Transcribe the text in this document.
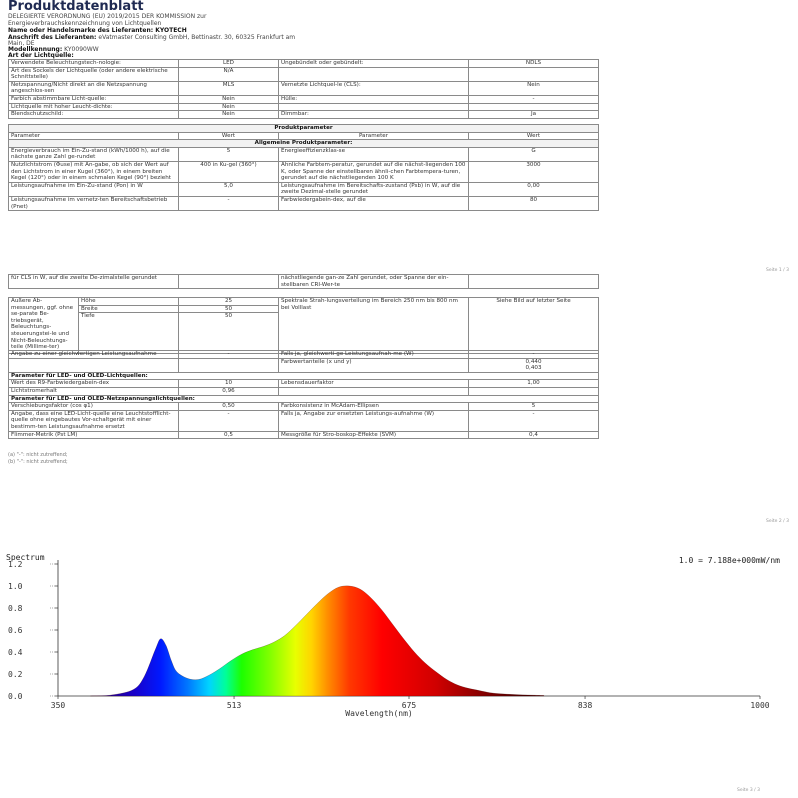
Produktdatenblatt
DELEGIERTE VERORDNUNG (EU) 2019/2015 DER KOMMISSION zur
Energieverbrauchskennzeichnung von Lichtquellen
Name oder Handelsmarke des Lieferanten: KYOTECH
Anschrift des Lieferanten: eVatmaster Consulting GmbH, Bettinastr. 30, 60325 Frankfurt am
Main, DE
Modellkennung: KY0090WW
Art der Lichtquelle:
Verwendete Beleuchtungstech-nologie:	LED	Ungebündelt oder gebündelt:	NDLS
Art des Sockels der Lichtquelle (oder andere elektrische Schnittstelle)	N/A		
Netzspannung/Nicht direkt an die Netzspannung angeschlos-sen	MLS	Vernetzte Lichtquel-le (CLS):	Nein
Farbich abstimmbare Licht-quelle:	Nein	Hülle:	-
Lichtquelle mit hoher Leucht-dichte:	Nein		
Blendschutzschild:	Nein	Dimmbar:	Ja
Produktparameter			
Parameter	Wert	Parameter	Wert
Allgemeine Produktparameter:			
Energieverbrauch im Ein-Zu-stand (kWh/1000 h), auf die nächste ganze Zahl ge-rundet	5	Energieeffizienzklas-se	G
Nutzlichtstrom (Φuse) mit An-gabe, ob sich der Wert auf den Lichtstrom in einer Kugel (360°), in einem breiten Kegel (120°) oder in einem schmalen Kegel (90°) bezieht	400 in Ku-gel (360°)	Ähnliche Farbtem-peratur, gerundet auf die nächst-liegenden 100 K, oder Spanne der einstellbaren ähnli-chen Farbtempera-turen, gerundet auf die nächstliegenden 100 K	3000
Leistungsaufnahme im Ein-Zu-stand (Pon) in W	5,0	Leistungsaufnahme im Bereitschafts-zustand (Psb) in W, auf die zweite Dezimal-stelle gerundet	0,00
Leistungsaufnahme im vernetz-ten Bereitschaftsbetrieb (Pnet)	-	Farbwiedergabein-dex, auf die	80
Seite 1 / 3
für CLS in W, auf die zweite De-zimalstelle gerundet		nächstliegende gan-ze Zahl gerundet, oder Spanne der ein-stellbaren CRI-Wer-te	
Äußere Ab-messungen, ggf. ohne se-parate Be-triebsgerät, Beleuchtungs-steuerungstei-le und Nicht-Beleuchtungs-teile (Millime-ter)	Höhe	25	Spektrale Strah-lungsverteilung im Bereich 250 nm bis 800 nm bei Volllast	Siehe Bild auf letzter Seite
	Breite	50		
	Tiefe	50		
Angabe zu einer gleichwertigen Leistungsaufnahme	-	Falls ja, gleichwerti-ge Leistungsaufnah-me (W)	-
		Farbwertanteile (x und y)	0,440
0,403
Parameter für LED- und OLED-Lichtquellen:			
Wert des R9-Farbwiedergabein-dex	10	Lebensdauerfaktor	1,00
Lichtstromerhalt	0,96		
Parameter für LED- und OLED-Netzspannungslichtquellen:			
Verschiebungsfaktor (cos φ1)	0,50	Farbkonsistenz in McAdam-Ellipsen	5
Angabe, dass eine LED-Licht-quelle eine Leuchtstofflicht-quelle ohne eingebautes Vor-schaltgerät mit einer bestimm-ten Leistungsaufnahme ersetzt	-	Falls ja, Angabe zur ersetzten Leistungs-aufnahme (W)	-
Flimmer-Metrik (Pst LM)	0,5	Messgröße für Stro-boskop-Effekte (SVM)	0,4
(a) "-": nicht zutreffend;
(b) "-": nicht zutreffend;
Seite 2 / 3
Spectrum	1.0 = 7.188e+000mW/nm
0.0
0.2
0.4
0.6
0.8
1.0
1.2
350	513	675	838	1000
Wavelength(nm)
Seite 3 / 3
